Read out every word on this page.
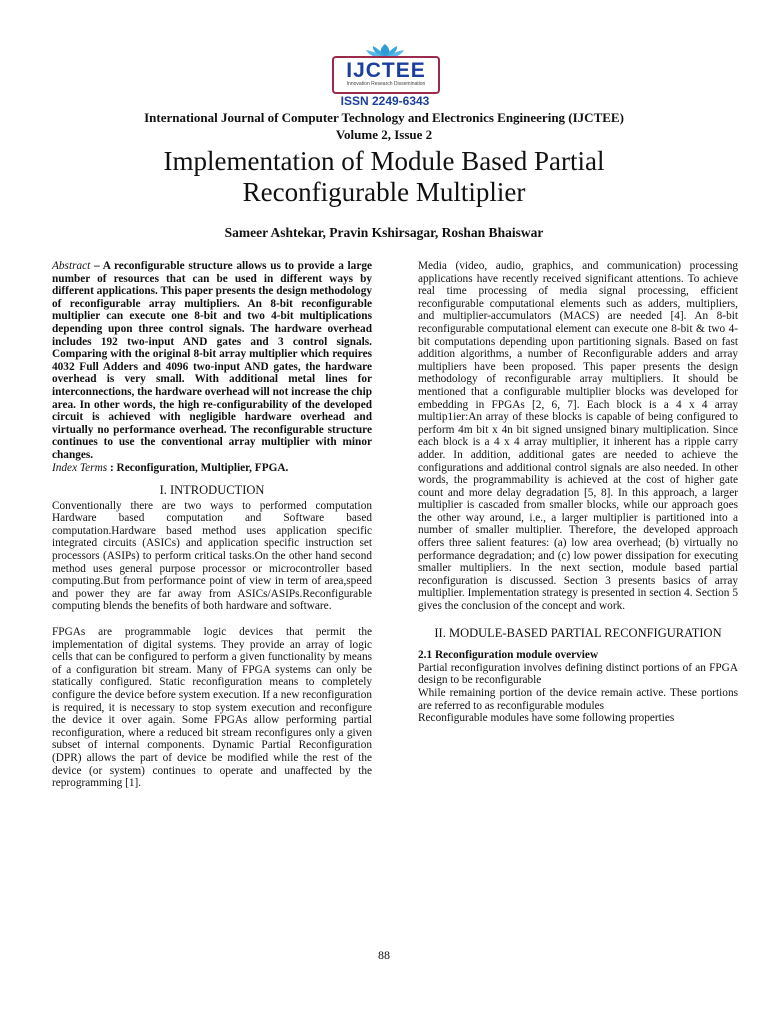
IJCTEE
Innovation Research Dissemination
ISSN 2249-6343
International Journal of Computer Technology and Electronics Engineering (IJCTEE)
Volume 2, Issue 2
Implementation of Module Based Partial
Reconfigurable Multiplier
Sameer Ashtekar, Pravin Kshirsagar, Roshan Bhaiswar

Abstract – A reconfigurable structure allows us to provide a large number of resources that can be used in different ways by different applications. This paper presents the design methodology of reconfigurable array multipliers. An 8-bit reconfigurable multiplier can execute one 8-bit and two 4-bit multiplications depending upon three control signals. The hardware overhead includes 192 two-input AND gates and 3 control signals. Comparing with the original 8-bit array multiplier which requires 4032 Full Adders and 4096 two-input AND gates, the hardware overhead is very small. With additional metal lines for interconnections, the hardware overhead will not increase the chip area. In other words, the high re-configurability of the developed circuit is achieved with negligible hardware overhead and virtually no performance overhead. The reconfigurable structure continues to use the conventional array multiplier with minor changes.

Index Terms : Reconfiguration, Multiplier, FPGA.

I. INTRODUCTION

Conventionally there are two ways to performed computation Hardware based computation and Software based computation.Hardware based method uses application specific integrated circuits (ASICs) and application specific instruction set processors (ASIPs) to perform critical tasks.On the other hand second method uses general purpose processor or microcontroller based computing.But from performance point of view in term of area,speed and power they are far away from ASICs/ASIPs.Reconfigurable computing blends the benefits of both hardware and software.

FPGAs are programmable logic devices that permit the implementation of digital systems. They provide an array of logic cells that can be configured to perform a given functionality by means of a configuration bit stream. Many of FPGA systems can only be statically configured. Static reconfiguration means to completely configure the device before system execution. If a new reconfiguration is required, it is necessary to stop system execution and reconfigure the device it over again. Some FPGAs allow performing partial reconfiguration, where a reduced bit stream reconfigures only a given subset of internal components. Dynamic Partial Reconfiguration (DPR) allows the part of device be modified while the rest of the device (or system) continues to operate and unaffected by the reprogramming [1].

Media (video, audio, graphics, and communication) processing applications have recently received significant attentions. To achieve real time processing of media signal processing, efficient reconfigurable computational elements such as adders, multipliers, and multiplier-accumulators (MACS) are needed [4]. An 8-bit reconfigurable computational element can execute one 8-bit & two 4-bit computations depending upon partitioning signals. Based on fast addition algorithms, a number of Reconfigurable adders and array multipliers have been proposed. This paper presents the design methodology of reconfigurable array multipliers. It should be mentioned that a configurable multiplier blocks was developed for embedding in FPGAs [2, 6, 7]. Each block is a 4 x 4 array multip1ier:An array of these blocks is capable of being configured to perform 4m bit x 4n bit signed unsigned binary multiplication. Since each block is a 4 x 4 array multiplier, it inherent has a ripple carry adder. In addition, additional gates are needed to achieve the configurations and additional control signals are also needed. In other words, the programmability is achieved at the cost of higher gate count and more delay degradation [5, 8]. In this approach, a larger multiplier is cascaded from smaller blocks, while our approach goes the other way around, i.e., a larger multiplier is partitioned into a number of smaller multiplier. Therefore, the developed approach offers three salient features: (a) low area overhead; (b) virtually no performance degradation; and (c) low power dissipation for executing smaller multipliers. In the next section, module based partial reconfiguration is discussed. Section 3 presents basics of array multiplier. Implementation strategy is presented in section 4. Section 5 gives the conclusion of the concept and work.

II. MODULE-BASED PARTIAL RECONFIGURATION

2.1 Reconfiguration module overview

Partial reconfiguration involves defining distinct portions of an FPGA design to be reconfigurable

While remaining portion of the device remain active. These portions are referred to as reconfigurable modules

Reconfigurable modules have some following properties

88
